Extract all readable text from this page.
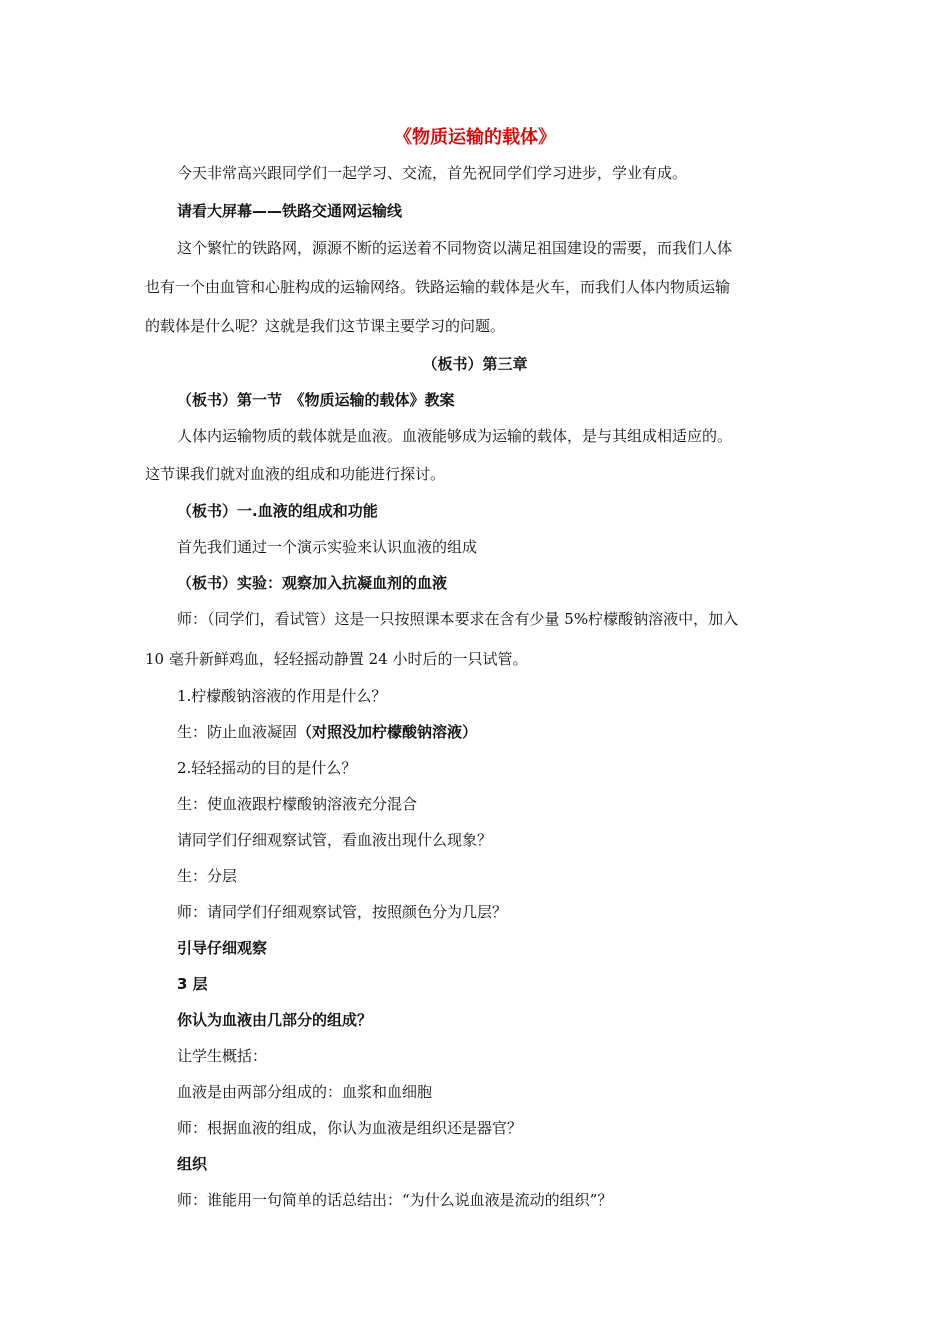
《物质运输的载体》
今天非常高兴跟同学们一起学习、交流，首先祝同学们学习进步，学业有成。
请看大屏幕——铁路交通网运输线
这个繁忙的铁路网，源源不断的运送着不同物资以满足祖国建设的需要，而我们人体
也有一个由血管和心脏构成的运输网络。铁路运输的载体是火车，而我们人体内物质运输
的载体是什么呢？这就是我们这节课主要学习的问题。
（板书）第三章
（板书）第一节　《物质运输的载体》教案
人体内运输物质的载体就是血液。血液能够成为运输的载体，是与其组成相适应的。
这节课我们就对血液的组成和功能进行探讨。
（板书）一.血液的组成和功能
首先我们通过一个演示实验来认识血液的组成
（板书）实验：观察加入抗凝血剂的血液
师：（同学们，看试管）这是一只按照课本要求在含有少量 5%柠檬酸钠溶液中，加入
10 毫升新鲜鸡血，轻轻摇动静置 24 小时后的一只试管。
1.柠檬酸钠溶液的作用是什么？
生：防止血液凝固（对照没加柠檬酸钠溶液）
2.轻轻摇动的目的是什么？
生：使血液跟柠檬酸钠溶液充分混合
请同学们仔细观察试管，看血液出现什么现象？
生：分层
师：请同学们仔细观察试管，按照颜色分为几层？
引导仔细观察
3 层
你认为血液由几部分的组成？
让学生概括：
血液是由两部分组成的：血浆和血细胞
师：根据血液的组成，你认为血液是组织还是器官？
组织
师：谁能用一句简单的话总结出：“为什么说血液是流动的组织”？
